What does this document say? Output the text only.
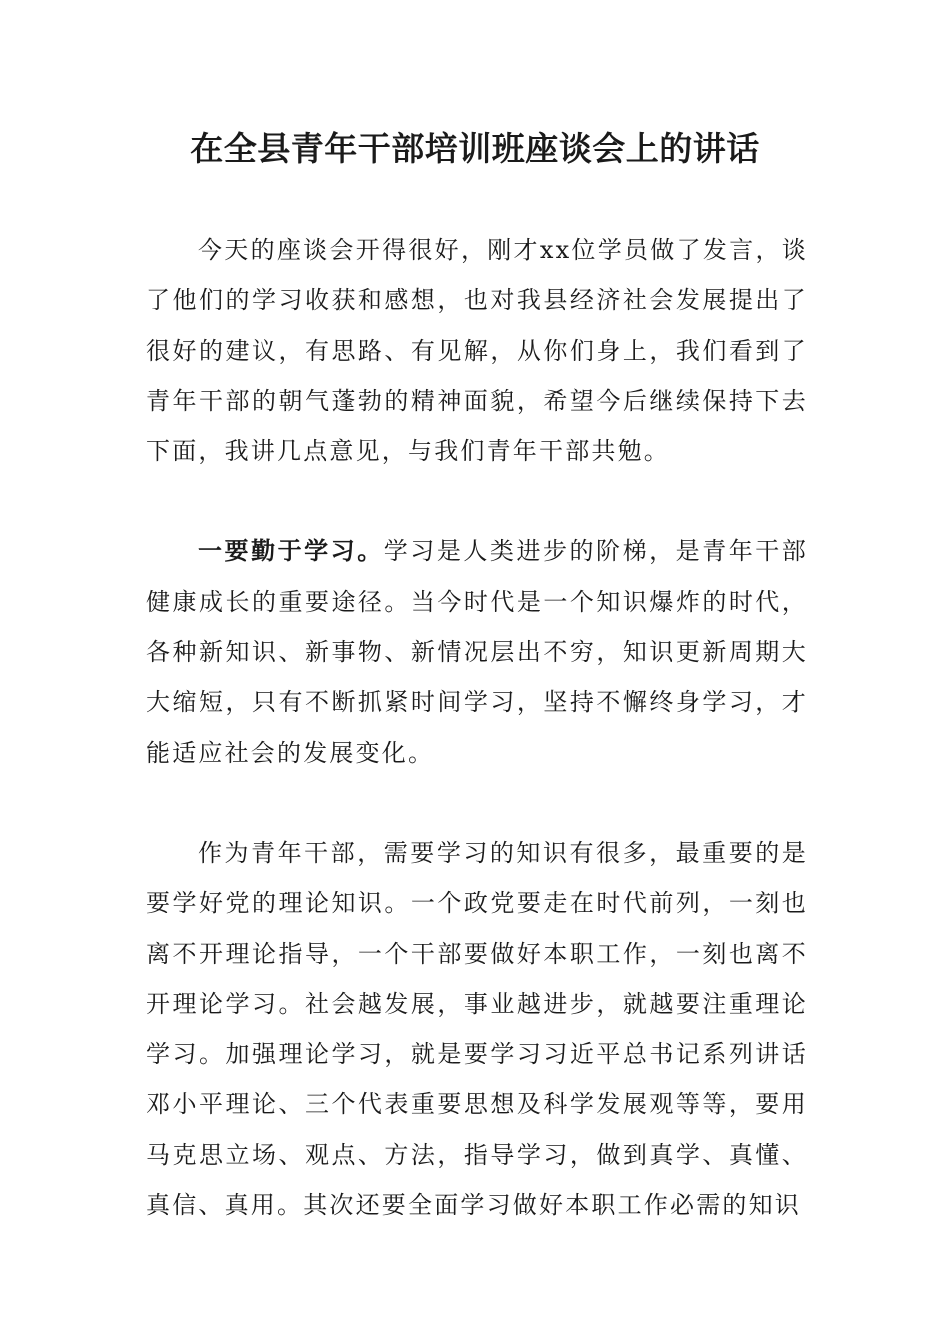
在全县青年干部培训班座谈会上的讲话

今天的座谈会开得很好，刚才xx位学员做了发言，谈了他们的学习收获和感想，也对我县经济社会发展提出了很好的建议，有思路、有见解，从你们身上，我们看到了青年干部的朝气蓬勃的精神面貌，希望今后继续保持下去下面，我讲几点意见，与我们青年干部共勉。

一要勤于学习。学习是人类进步的阶梯，是青年干部健康成长的重要途径。当今时代是一个知识爆炸的时代，各种新知识、新事物、新情况层出不穷，知识更新周期大大缩短，只有不断抓紧时间学习，坚持不懈终身学习，才能适应社会的发展变化。

作为青年干部，需要学习的知识有很多，最重要的是要学好党的理论知识。一个政党要走在时代前列，一刻也离不开理论指导，一个干部要做好本职工作，一刻也离不开理论学习。社会越发展，事业越进步，就越要注重理论学习。加强理论学习，就是要学习习近平总书记系列讲话邓小平理论、三个代表重要思想及科学发展观等等，要用马克思立场、观点、方法，指导学习，做到真学、真懂、真信、真用。其次还要全面学习做好本职工作必需的知识
